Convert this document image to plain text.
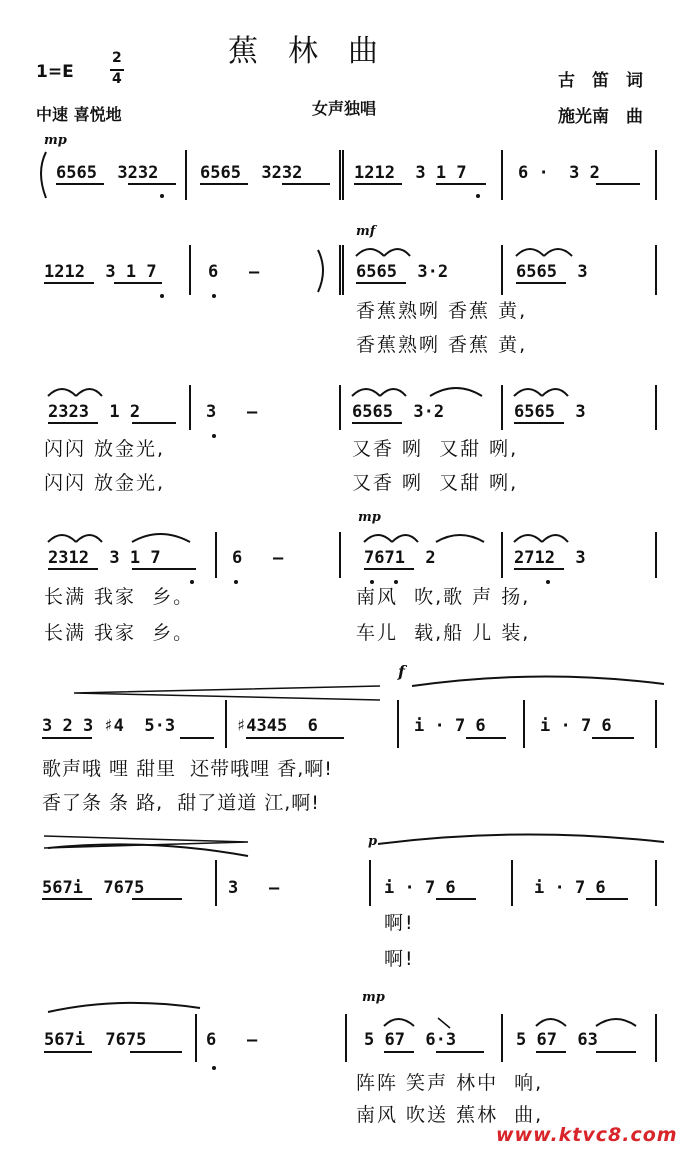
蕉　林　曲
1=E
2
4
中速 喜悦地	女声独唱
古　笛　词
施光南　曲
mp
6565  3232 6565  3232	1212  3 1 7	6 ·  3 2
mf
1212  3 1 7	6   —	6565  3·2	6565  3
香蕉熟咧 香蕉 黄,
香蕉熟咧 香蕉 黄,
2323  1 2	3   —	6565  3·2	6565  3
闪闪 放金光,
闪闪 放金光,
又香 咧  又甜 咧,
又香 咧  又甜 咧,
mp
2312  3 1 7	6   —	7671  2	2712  3
长满 我家  乡。
长满 我家  乡。
南风  吹,歌 声 扬,
车儿  载,船 儿 装,
f
3 2 3 ♯4  5·3	♯4345  6	i · 7 6	i · 7 6
歌声哦 哩 甜里  还带哦哩 香,啊!
香了条 条 路,  甜了道道 江,啊!
p
567i  7675	3   —	i · 7 6	i · 7 6
啊!
啊!
mp
567i  7675	6   —	5 67  6·3	5 67  63
阵阵 笑声 林中  响,
南风 吹送 蕉林  曲,
www.ktvc8.com
